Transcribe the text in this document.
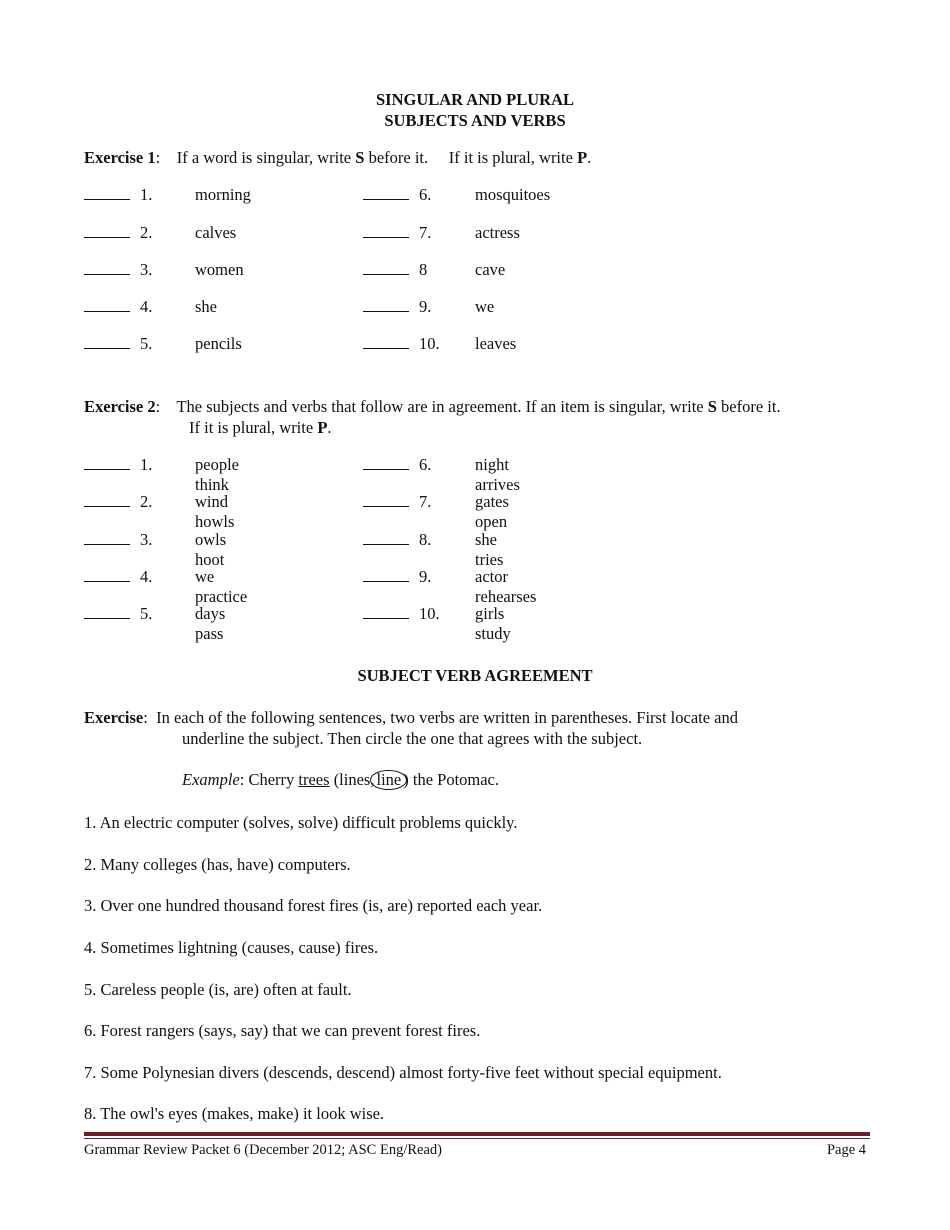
SINGULAR AND PLURAL
SUBJECTS AND VERBS
Exercise 1:    If a word is singular, write S before it. If it is plural, write P.
1.	morning	6.	mosquitoes
2.	calves	7.	actress
3.	women	8	cave
4.	she	9.	we
5.	pencils	10. leaves
Exercise 2:    The subjects and verbs that follow are in agreement. If an item is singular, write S before it.
If it is plural, write P.
1.	people think
6.	night arrives
2.	wind howls
7.	gates open
3.	owls hoot
8.	she tries
4.	we practice
9.	actor rehearses
5.	days pass
10. girls study
SUBJECT VERB AGREEMENT
Exercise:  In each of the following sentences, two verbs are written in parentheses. First locate and
underline the subject. Then circle the one that agrees with the subject.
Example: Cherry trees (lines, line ) the Potomac.
1. An electric computer (solves, solve) difficult problems quickly.
2. Many colleges (has, have) computers.
3. Over one hundred thousand forest fires (is, are) reported each year.
4. Sometimes lightning (causes, cause) fires.
5. Careless people (is, are) often at fault.
6. Forest rangers (says, say) that we can prevent forest fires.
7. Some Polynesian divers (descends, descend) almost forty-five feet without special equipment.
8. The owl's eyes (makes, make) it look wise.
Grammar Review Packet 6 (December 2012; ASC Eng/Read)	Page 4
